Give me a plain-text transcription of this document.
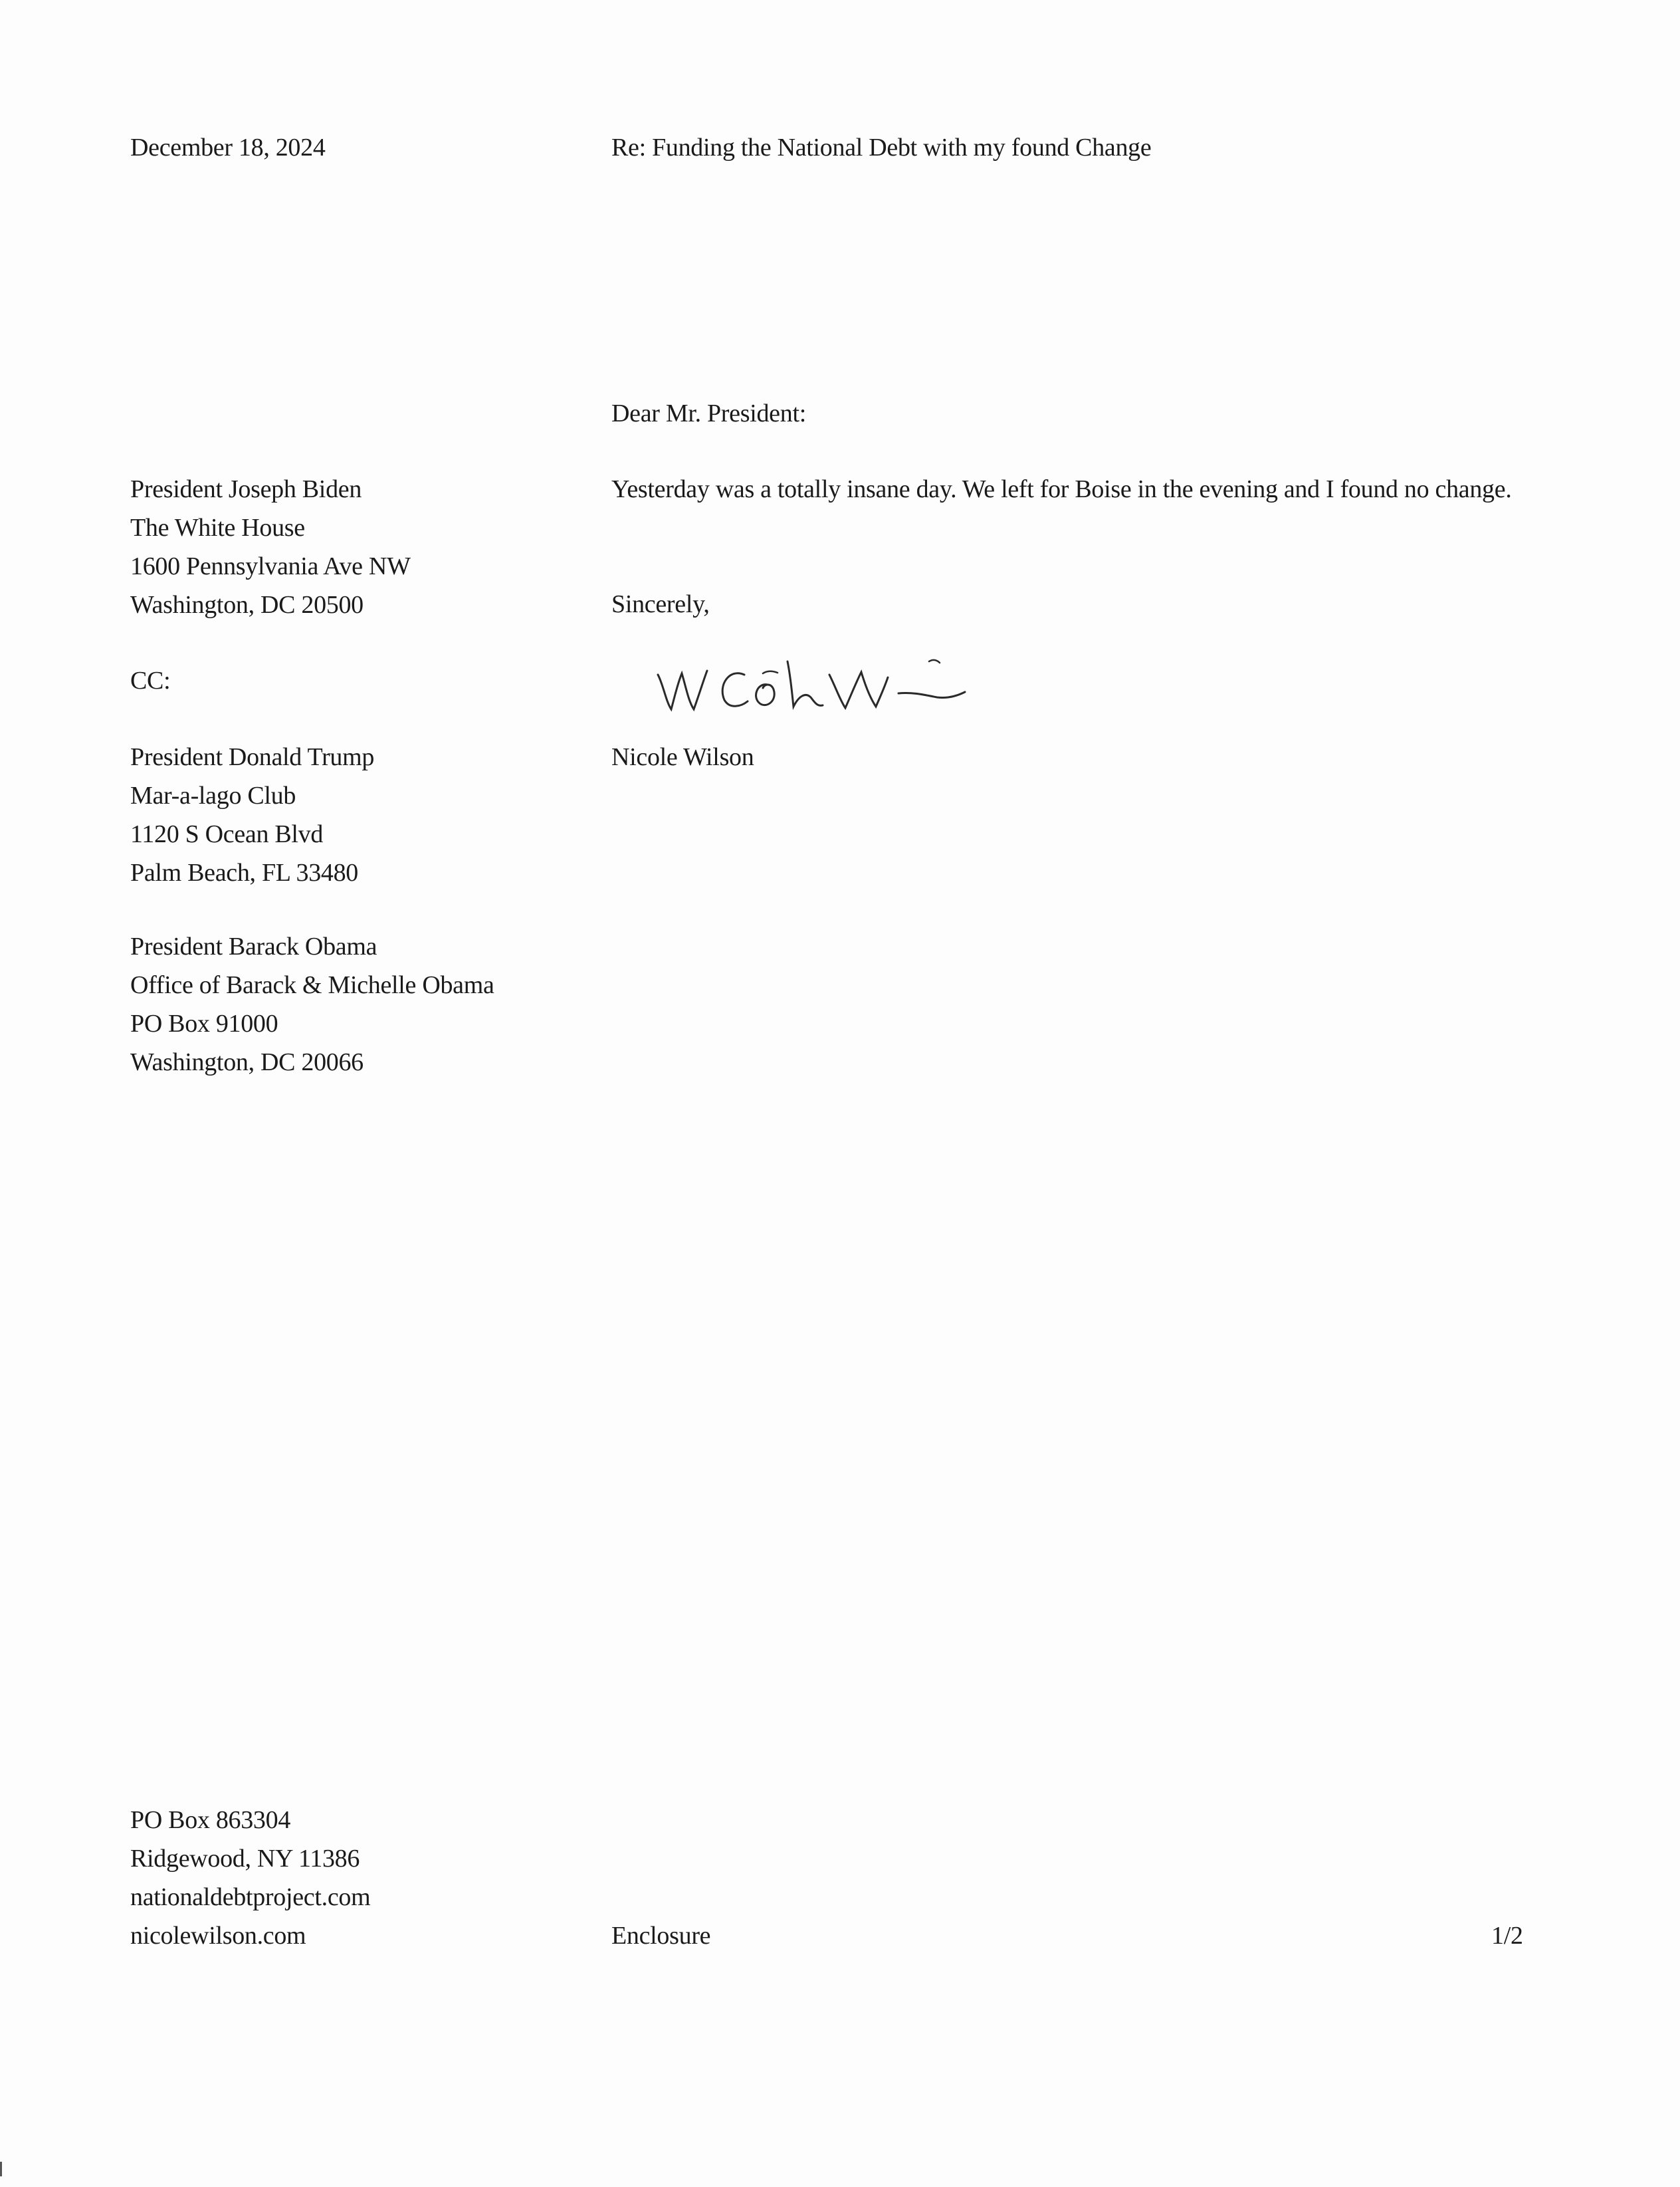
December 18, 2024	Re: Funding the National Debt with my found Change
Dear Mr. President:
President Joseph Biden
The White House
1600 Pennsylvania Ave NW
Washington, DC 20500
Yesterday was a totally insane day. We left for Boise in the evening and I found no change.
Sincerely,
CC:
Nicole Wilson
President Donald Trump
Mar-a-lago Club
1120 S Ocean Blvd
Palm Beach, FL 33480
President Barack Obama
Office of Barack & Michelle Obama
PO Box 91000
Washington, DC 20066
PO Box 863304
Ridgewood, NY 11386
nationaldebtproject.com
nicolewilson.com	Enclosure	1/2
